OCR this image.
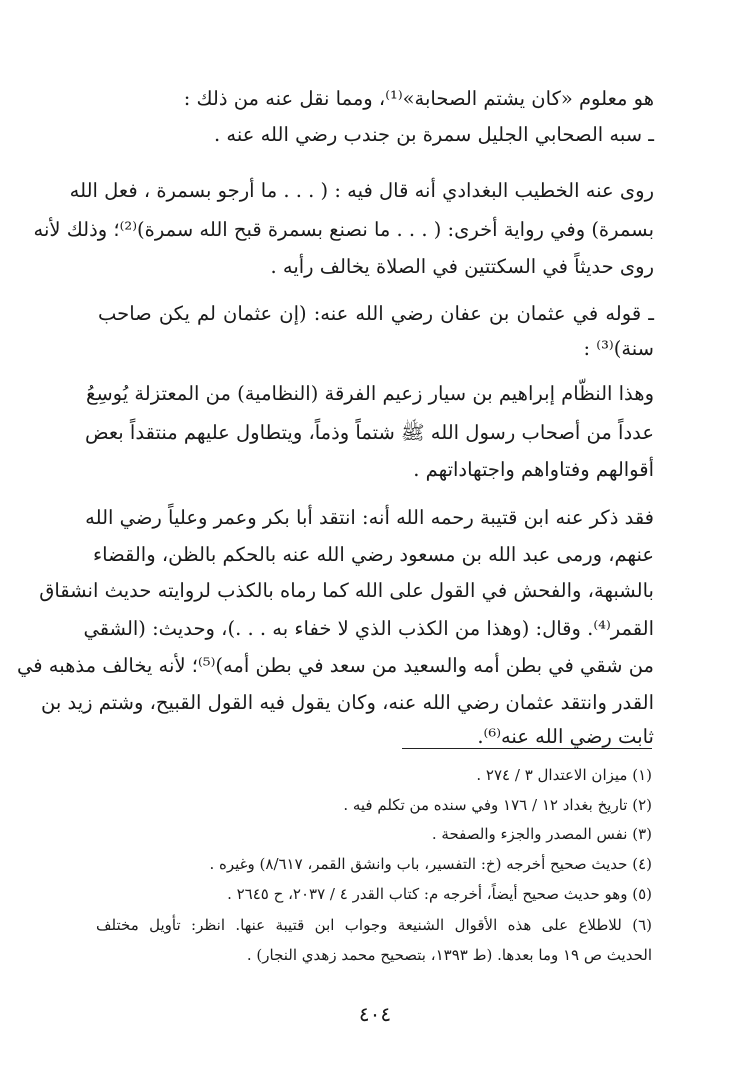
هو معلوم «كان يشتم الصحابة»⁽¹⁾، ومما نقل عنه من ذلك :
ـ سبه الصحابي الجليل سمرة بن جندب رضي الله عنه .
روى عنه الخطيب البغدادي أنه قال فيه : ( . . . ما أرجو بسمرة ، فعل الله
بسمرة) وفي رواية أخرى: ( . . . ما نصنع بسمرة قبح الله سمرة)⁽²⁾؛ وذلك لأنه
روى حديثاً في السكتتين في الصلاة يخالف رأيه .
ـ قوله في عثمان بن عفان رضي الله عنه: (إن عثمان لم يكن صاحب
سنة)⁽³⁾ :
وهذا النظّام إبراهيم بن سيار زعيم الفرقة (النظامية) من المعتزلة يُوسِعُ
عدداً من أصحاب رسول الله ﷺ شتماً وذماً، ويتطاول عليهم منتقداً بعض
أقوالهم وفتاواهم واجتهاداتهم .
فقد ذكر عنه ابن قتيبة رحمه الله أنه: انتقد أبا بكر وعمر وعلياً رضي الله
عنهم، ورمى عبد الله بن مسعود رضي الله عنه بالحكم بالظن، والقضاء
بالشبهة، والفحش في القول على الله كما رماه بالكذب لروايته حديث انشقاق
القمر⁽⁴⁾. وقال: (وهذا من الكذب الذي لا خفاء به . . .)، وحديث: (الشقي
من شقي في بطن أمه والسعيد من سعد في بطن أمه)⁽⁵⁾؛ لأنه يخالف مذهبه في
القدر وانتقد عثمان رضي الله عنه، وكان يقول فيه القول القبيح، وشتم زيد بن
ثابت رضي الله عنه⁽⁶⁾.
(١) ميزان الاعتدال ٣ / ٢٧٤ .
(٢) تاريخ بغداد ١٢ / ١٧٦ وفي سنده من تكلم فيه .
(٣) نفس المصدر والجزء والصفحة .
(٤) حديث صحيح أخرجه (خ: التفسير، باب وانشق القمر، ٨/٦١٧) وغيره .
(٥) وهو حديث صحيح أيضاً، أخرجه م: كتاب القدر ٤ / ٢٠٣٧، ح ٢٦٤٥ .
(٦) للاطلاع على هذه الأقوال الشنيعة وجواب ابن قتيبة عنها. انظر: تأويل مختلف
الحديث ص ١٩ وما بعدها. (ط ١٣٩٣، بتصحيح محمد زهدي النجار) .
٤٠٤
